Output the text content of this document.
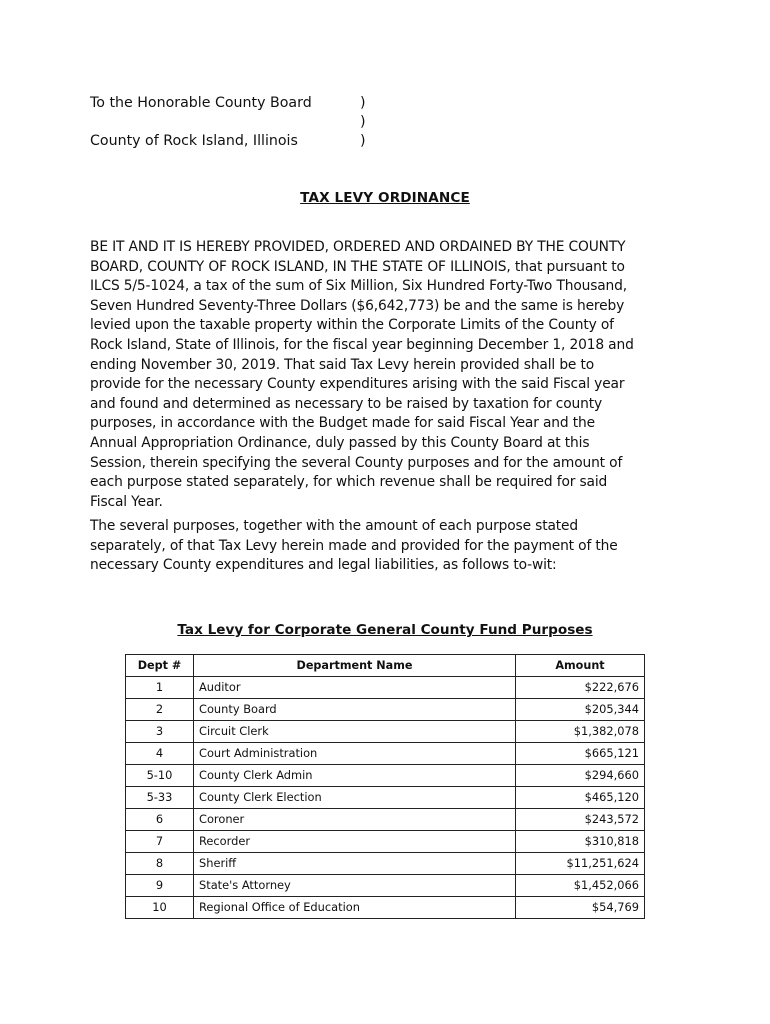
To the Honorable County Board
County of Rock Island, Illinois
)
)
)
TAX LEVY ORDINANCE
BE IT AND IT IS HEREBY PROVIDED, ORDERED AND ORDAINED BY THE COUNTY
BOARD, COUNTY OF ROCK ISLAND, IN THE STATE OF ILLINOIS, that pursuant to
ILCS 5/5-1024, a tax of the sum of Six Million, Six Hundred Forty-Two Thousand,
Seven Hundred Seventy-Three Dollars ($6,642,773) be and the same is hereby
levied upon the taxable property within the Corporate Limits of the County of
Rock Island, State of Illinois, for the fiscal year beginning December 1, 2018 and
ending November 30, 2019. That said Tax Levy herein provided shall be to
provide for the necessary County expenditures arising with the said Fiscal year
and found and determined as necessary to be raised by taxation for county
purposes, in accordance with the Budget made for said Fiscal Year and the
Annual Appropriation Ordinance, duly passed by this County Board at this
Session, therein specifying the several County purposes and for the amount of
each purpose stated separately, for which revenue shall be required for said
Fiscal Year.
The several purposes, together with the amount of each purpose stated
separately, of that Tax Levy herein made and provided for the payment of the
necessary County expenditures and legal liabilities, as follows to-wit:
Tax Levy for Corporate General County Fund Purposes
Dept #	Department Name	Amount
1	Auditor	$222,676
2	County Board	$205,344
3	Circuit Clerk	$1,382,078
4	Court Administration	$665,121
5-10	County Clerk Admin	$294,660
5-33	County Clerk Election	$465,120
6	Coroner	$243,572
7	Recorder	$310,818
8	Sheriff	$11,251,624
9	State's Attorney	$1,452,066
10	Regional Office of Education	$54,769
